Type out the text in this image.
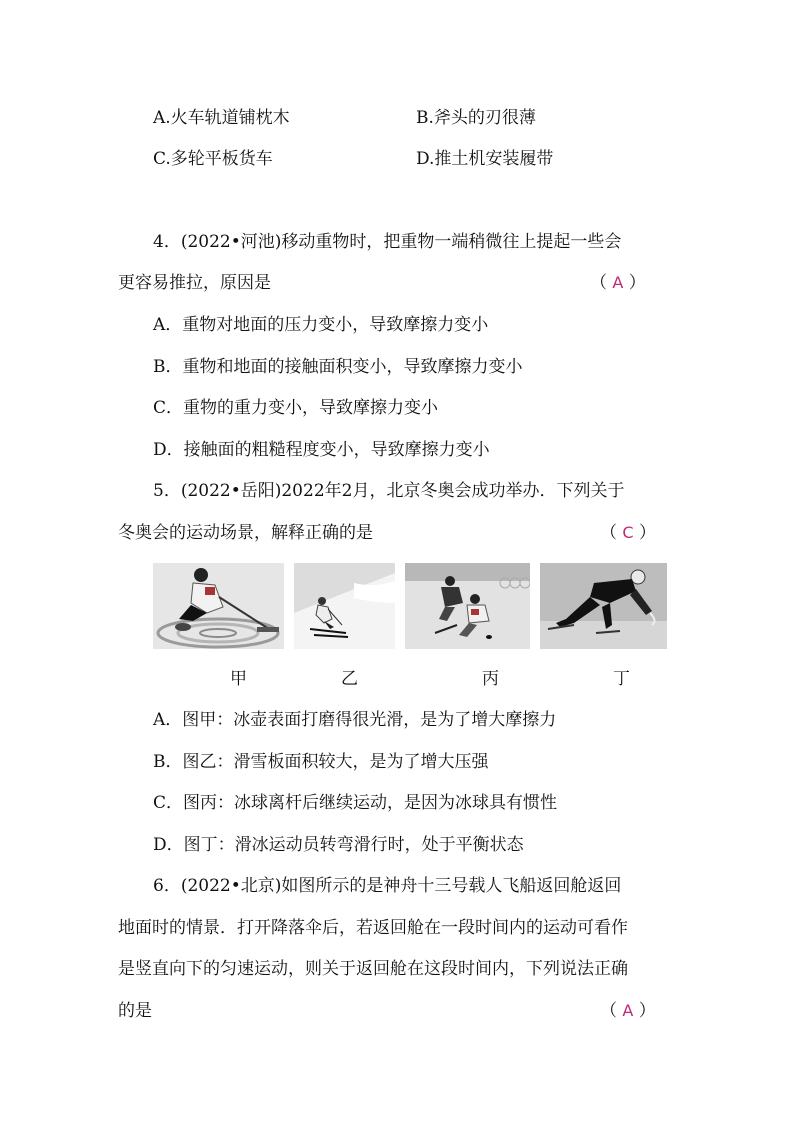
A.火车轨道铺枕木	B.斧头的刃很薄
C.多轮平板货车	D.推土机安装履带
4．(2022•河池)移动重物时，把重物一端稍微往上提起一些会
更容易推拉，原因是	（ A ）
A．重物对地面的压力变小，导致摩擦力变小
B．重物和地面的接触面积变小，导致摩擦力变小
C．重物的重力变小，导致摩擦力变小
D．接触面的粗糙程度变小，导致摩擦力变小
5．(2022•岳阳)2022年2月，北京冬奥会成功举办．下列关于
冬奥会的运动场景，解释正确的是	（ C ）
甲	乙	丙	丁
A．图甲：冰壶表面打磨得很光滑，是为了增大摩擦力
B．图乙：滑雪板面积较大，是为了增大压强
C．图丙：冰球离杆后继续运动，是因为冰球具有惯性
D．图丁：滑冰运动员转弯滑行时，处于平衡状态
6．(2022•北京)如图所示的是神舟十三号载人飞船返回舱返回
地面时的情景．打开降落伞后，若返回舱在一段时间内的运动可看作
是竖直向下的匀速运动，则关于返回舱在这段时间内，下列说法正确
的是	（ A ）
